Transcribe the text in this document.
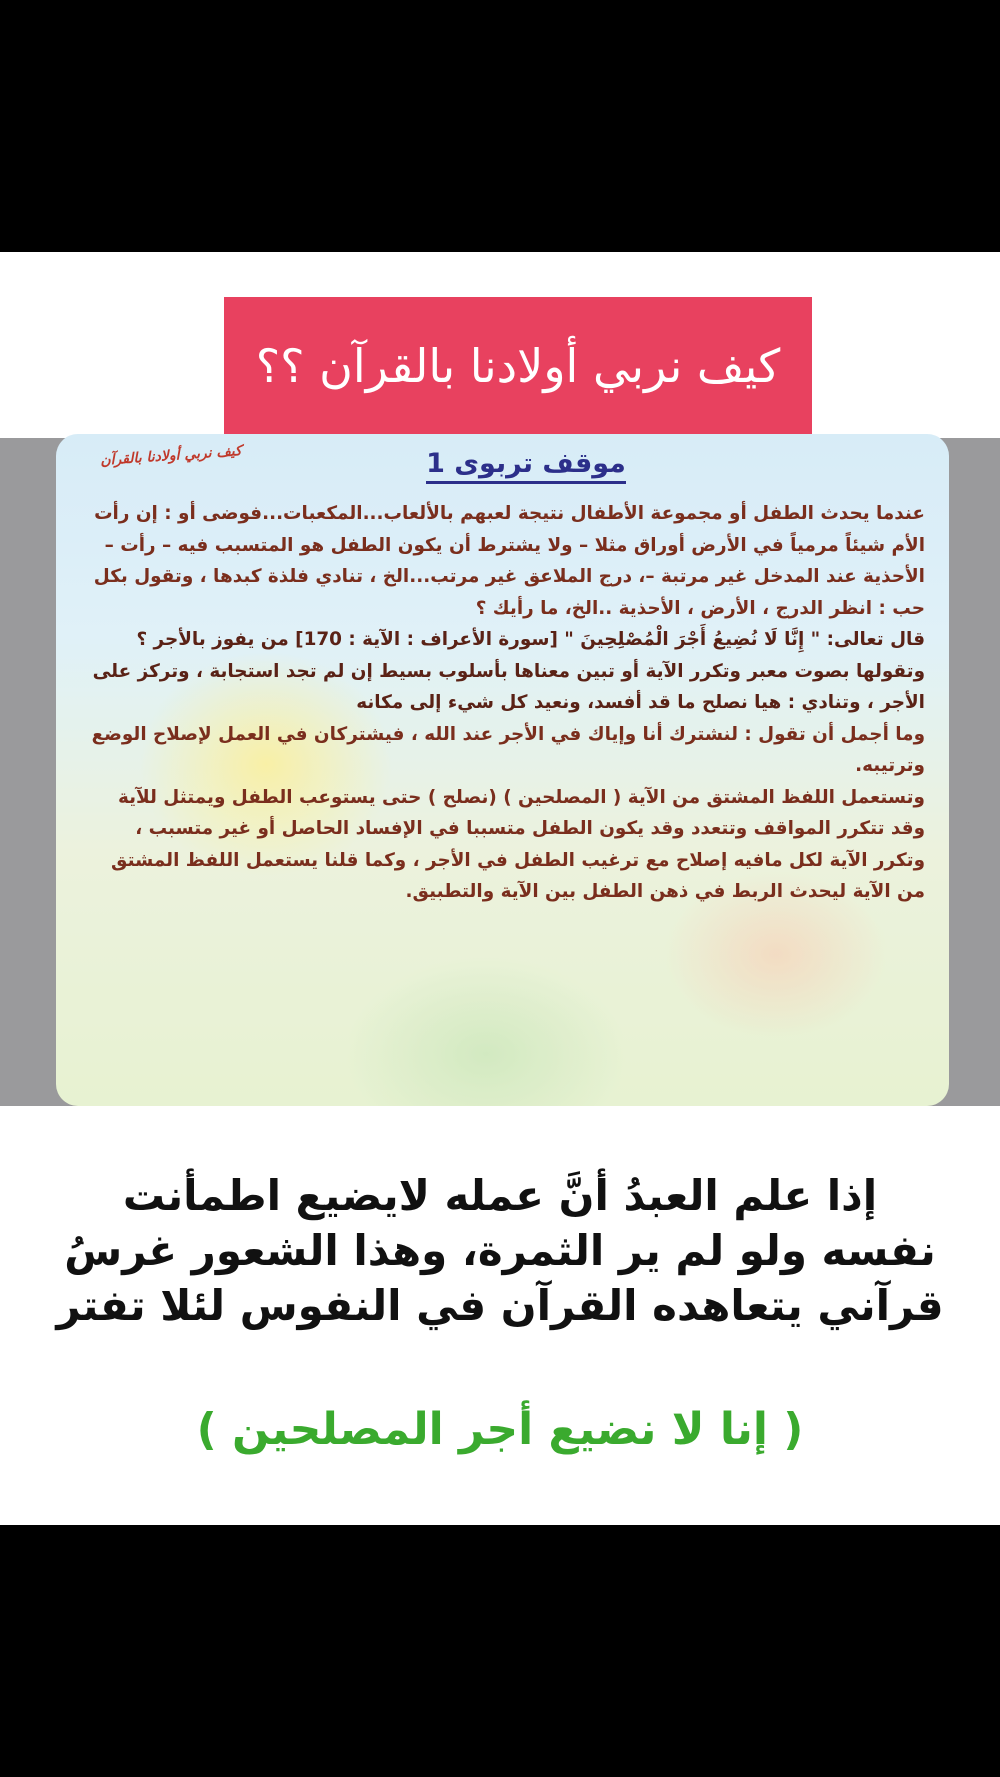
كيف نربي أولادنا بالقرآن ؟؟
كيف نربي أولادنا بالقرآن	موقف تربوى 1

عندما يحدث الطفل أو مجموعة الأطفال نتيجة لعبهم بالألعاب...المكعبات...فوضى أو : إن رأت الأم شيئاً مرمياً في الأرض أوراق مثلا – ولا يشترط أن يكون الطفل هو المتسبب فيه – رأت – الأحذية عند المدخل غير مرتبة –، درج الملاعق غير مرتب...الخ ، تنادي فلذة كبدها ، وتقول بكل حب : انظر الدرج ، الأرض ، الأحذية ..الخ، ما رأيك ؟

قال تعالى: " إِنَّا لَا نُضِيعُ أَجْرَ الْمُصْلِحِينَ " [سورة الأعراف : الآية : 170] من يفوز بالأجر ؟ وتقولها بصوت معبر وتكرر الآية أو تبين معناها بأسلوب بسيط إن لم تجد استجابة ، وتركز على الأجر ، وتنادي : هيا نصلح ما قد أفسد، ونعيد كل شيء إلى مكانه

وما أجمل أن تقول : لنشترك أنا وإياك في الأجر عند الله ، فيشتركان في العمل لإصلاح الوضع وترتيبه.

وتستعمل اللفظ المشتق من الآية ( المصلحين ) (نصلح ) حتى يستوعب الطفل ويمتثل للآية

وقد تتكرر المواقف وتتعدد وقد يكون الطفل متسببا في الإفساد الحاصل أو غير متسبب ، وتكرر الآية لكل مافيه إصلاح مع ترغيب الطفل في الأجر ، وكما قلنا يستعمل اللفظ المشتق من الآية ليحدث الربط في ذهن الطفل بين الآية والتطبيق.

إذا علم العبدُ أنَّ عمله لايضيع اطمأنت

نفسه ولو لم ير الثمرة، وهذا الشعور غرسُ

قرآني يتعاهده القرآن في النفوس لئلا تفتر

( إنا لا نضيع أجر المصلحين )
